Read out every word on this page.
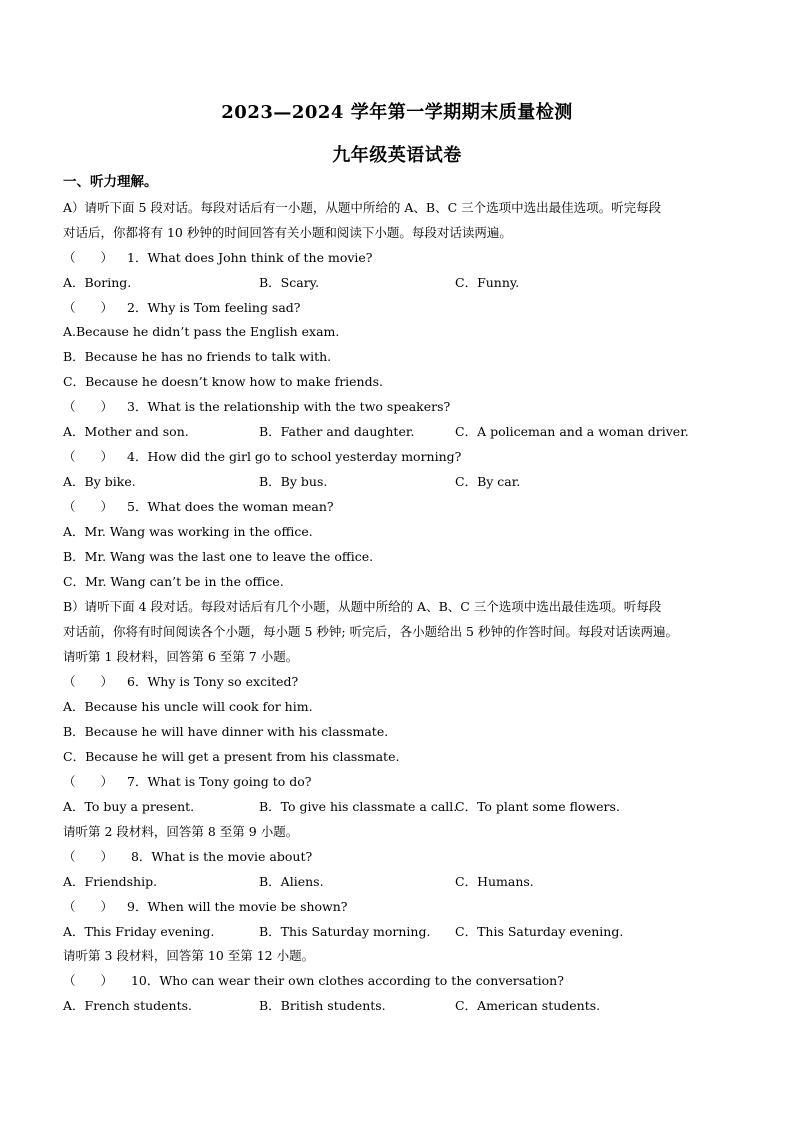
2023—2024 学年第一学期期末质量检测
九年级英语试卷
一、听力理解。
A）请听下面 5 段对话。每段对话后有一小题，从题中所给的 A、B、C 三个选项中选出最佳选项。听完每段
对话后，你都将有 10 秒钟的时间回答有关小题和阅读下小题。每段对话读两遍。
（　　） 1．What does John think of the movie?
A．Boring.	B．Scary.	C．Funny.
（　　） 2．Why is Tom feeling sad?
A.Because he didn’t pass the English exam.
B．Because he has no friends to talk with.
C．Because he doesn’t know how to make friends.
（　　） 3．What is the relationship with the two speakers?
A．Mother and son.	B．Father and daughter.	C．A policeman and a woman driver.
（　　） 4．How did the girl go to school yesterday morning?
A．By bike.	B．By bus.	C．By car.
（　　） 5．What does the woman mean?
A．Mr. Wang was working in the office.
B．Mr. Wang was the last one to leave the office.
C．Mr. Wang can’t be in the office.
B）请听下面 4 段对话。每段对话后有几个小题，从题中所给的 A、B、C 三个选项中选出最佳选项。听每段
对话前，你将有时间阅读各个小题，每小题 5 秒钟; 听完后，各小题给出 5 秒钟的作答时间。每段对话读两遍。
请听第 1 段材料，回答第 6 至第 7 小题。
（　　） 6．Why is Tony so excited?
A．Because his uncle will cook for him.
B．Because he will have dinner with his classmate.
C．Because he will get a present from his classmate.
（　　） 7．What is Tony going to do?
A．To buy a present.	B．To give his classmate a call.
C．To plant some flowers.
请听第 2 段材料，回答第 8 至第 9 小题。
（　　） 8．What is the movie about?
A．Friendship.	B．Aliens.	C．Humans.
（　　） 9．When will the movie be shown?
A．This Friday evening.	B．This Saturday morning. C．This Saturday evening.
请听第 3 段材料，回答第 10 至第 12 小题。
（　　） 10．Who can wear their own clothes according to the conversation?
A．French students.	B．British students.	C．American students.
